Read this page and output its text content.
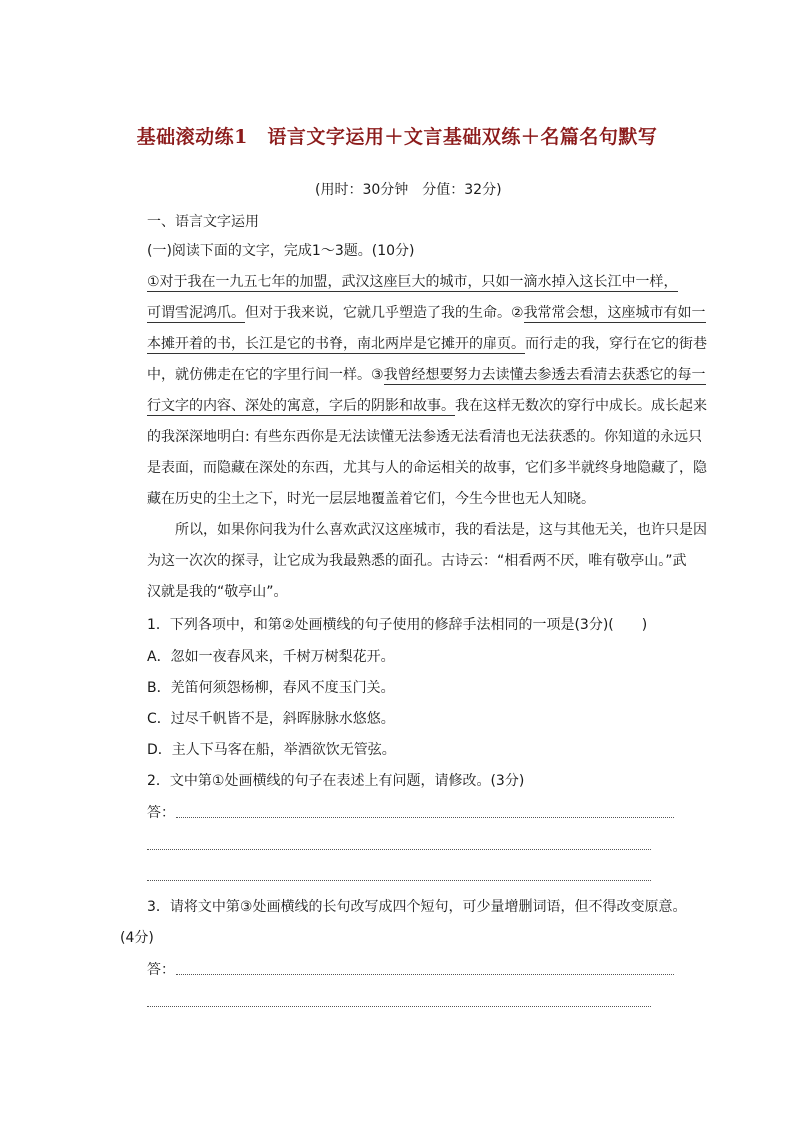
基础滚动练1　语言文字运用＋文言基础双练＋名篇名句默写
(用时：30分钟　分值：32分)
一、语言文字运用
(一)阅读下面的文字，完成1～3题。(10分)
①对于我在一九五七年的加盟，武汉这座巨大的城市，只如一滴水掉入这长江中一样，
可谓雪泥鸿爪。但对于我来说，它就几乎塑造了我的生命。②我常常会想，这座城市有如一
本摊开着的书，长江是它的书脊，南北两岸是它摊开的扉页。而行走的我，穿行在它的街巷
中，就仿佛走在它的字里行间一样。③我曾经想要努力去读懂去参透去看清去获悉它的每一
行文字的内容、深处的寓意，字后的阴影和故事。我在这样无数次的穿行中成长。成长起来
的我深深地明白: 有些东西你是无法读懂无法参透无法看清也无法获悉的。你知道的永远只
是表面，而隐藏在深处的东西，尤其与人的命运相关的故事，它们多半就终身地隐藏了，隐
藏在历史的尘土之下，时光一层层地覆盖着它们，今生今世也无人知晓。
所以，如果你问我为什么喜欢武汉这座城市，我的看法是，这与其他无关，也许只是因
为这一次次的探寻，让它成为我最熟悉的面孔。古诗云：“相看两不厌，唯有敬亭山。”武
汉就是我的“敬亭山”。
1．下列各项中，和第②处画横线的句子使用的修辞手法相同的一项是(3分)(　　)
A．忽如一夜春风来，千树万树梨花开。
B．羌笛何须怨杨柳，春风不度玉门关。
C．过尽千帆皆不是，斜晖脉脉水悠悠。
D．主人下马客在船，举酒欲饮无管弦。
2．文中第①处画横线的句子在表述上有问题，请修改。(3分)
答：
3．请将文中第③处画横线的长句改写成四个短句，可少量增删词语，但不得改变原意。
(4分)
答：
